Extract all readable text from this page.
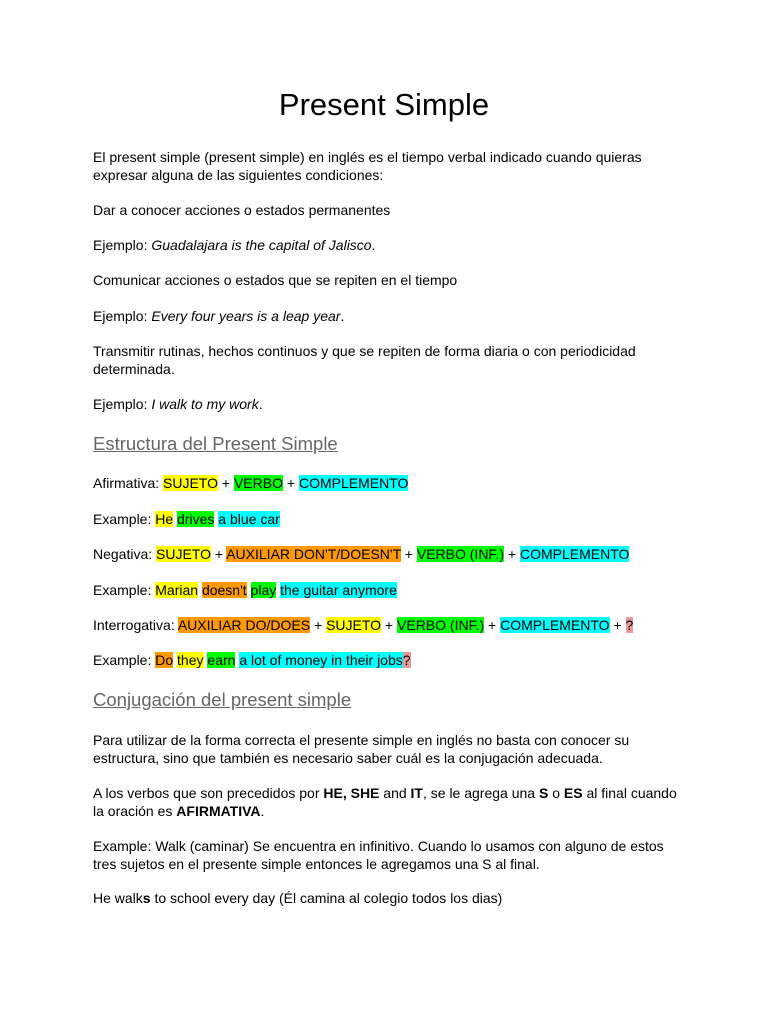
Present Simple

El present simple (present simple) en inglés es el tiempo verbal indicado cuando quieras expresar alguna de las siguientes condiciones:

Dar a conocer acciones o estados permanentes

Ejemplo: Guadalajara is the capital of Jalisco.

Comunicar acciones o estados que se repiten en el tiempo

Ejemplo: Every four years is a leap year.

Transmitir rutinas, hechos continuos y que se repiten de forma diaria o con periodicidad determinada.

Ejemplo: I walk to my work.

Estructura del Present Simple

Afirmativa: SUJETO + VERBO + COMPLEMENTO

Example: He drives a blue car

Negativa: SUJETO + AUXILIAR DON'T/DOESN'T + VERBO (INF.) + COMPLEMENTO

Example: Marian doesn't play the guitar anymore

Interrogativa: AUXILIAR DO/DOES + SUJETO + VERBO (INF.) + COMPLEMENTO + ?

Example: Do they earn a lot of money in their jobs?

Conjugación del present simple

Para utilizar de la forma correcta el presente simple en inglés no basta con conocer su estructura, sino que también es necesario saber cuál es la conjugación adecuada.

A los verbos que son precedidos por HE, SHE and IT, se le agrega una S o ES al final cuando la oración es AFIRMATIVA.

Example: Walk (caminar) Se encuentra en infinitivo. Cuando lo usamos con alguno de estos tres sujetos en el presente simple entonces le agregamos una S al final.

He walks to school every day (Él camina al colegio todos los dias)
